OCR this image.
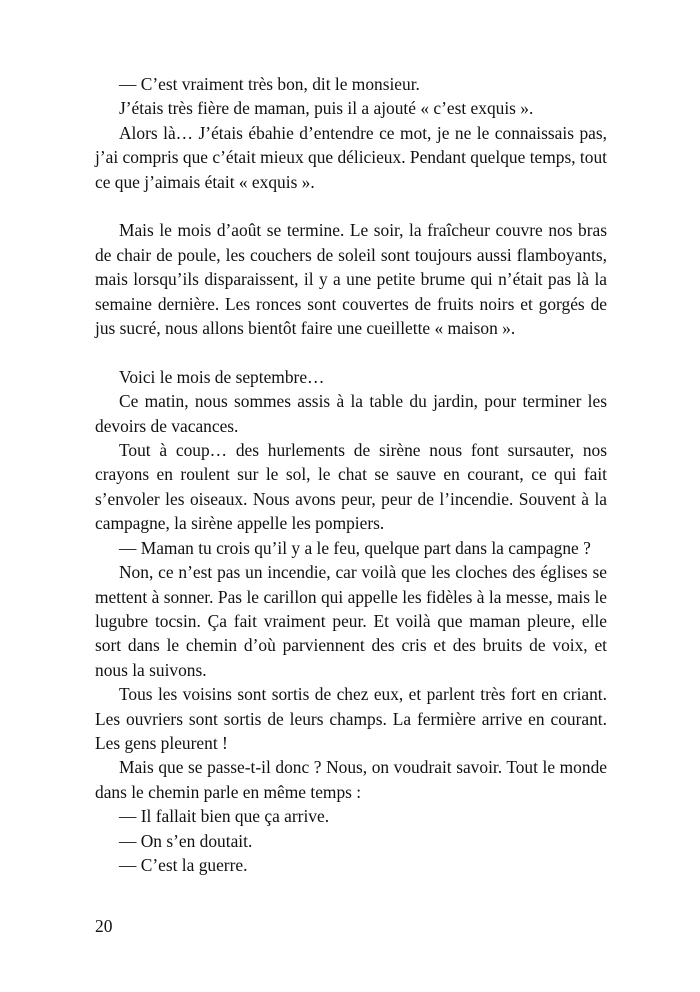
— C’est vraiment très bon, dit le monsieur.

J’étais très fière de maman, puis il a ajouté « c’est exquis ».

Alors là… J’étais ébahie d’entendre ce mot, je ne le connaissais pas, j’ai compris que c’était mieux que délicieux. Pendant quelque temps, tout ce que j’aimais était « exquis ».

Mais le mois d’août se termine. Le soir, la fraîcheur couvre nos bras de chair de poule, les couchers de soleil sont toujours aussi flamboyants, mais lorsqu’ils disparaissent, il y a une petite brume qui n’était pas là la semaine dernière. Les ronces sont couvertes de fruits noirs et gorgés de jus sucré, nous allons bientôt faire une cueillette « maison ».

Voici le mois de septembre…

Ce matin, nous sommes assis à la table du jardin, pour terminer les devoirs de vacances.

Tout à coup… des hurlements de sirène nous font sursauter, nos crayons en roulent sur le sol, le chat se sauve en courant, ce qui fait s’envoler les oiseaux. Nous avons peur, peur de l’incendie. Souvent à la campagne, la sirène appelle les pompiers.

— Maman tu crois qu’il y a le feu, quelque part dans la campagne ?

Non, ce n’est pas un incendie, car voilà que les cloches des églises se mettent à sonner. Pas le carillon qui appelle les fidèles à la messe, mais le lugubre tocsin. Ça fait vraiment peur. Et voilà que maman pleure, elle sort dans le chemin d’où parviennent des cris et des bruits de voix, et nous la suivons.

Tous les voisins sont sortis de chez eux, et parlent très fort en criant. Les ouvriers sont sortis de leurs champs. La fermière arrive en courant. Les gens pleurent !

Mais que se passe-t-il donc ? Nous, on voudrait savoir. Tout le monde dans le chemin parle en même temps :

— Il fallait bien que ça arrive.

— On s’en doutait.

— C’est la guerre.

20
